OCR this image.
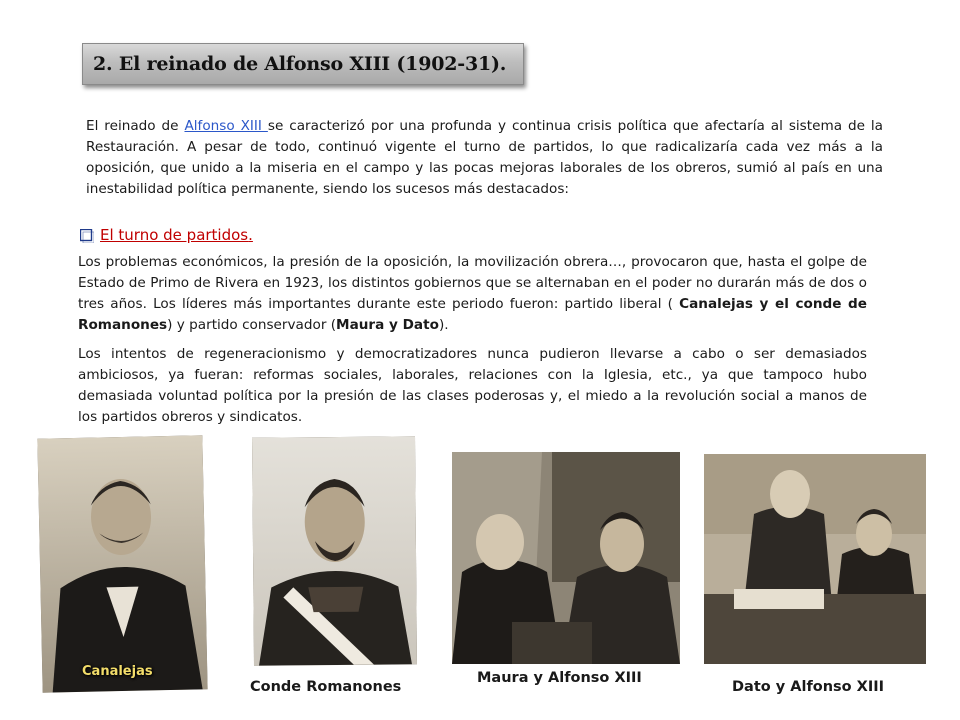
2. El reinado de Alfonso XIII (1902-31).

El reinado de Alfonso XIII se caracterizó por una profunda y continua crisis política que afectaría al sistema de la Restauración. A pesar de todo, continuó vigente el turno de partidos, lo que radicalizaría cada vez más a la oposición, que unido a la miseria en el campo y las pocas mejoras laborales de los obreros, sumió al país en una inestabilidad política permanente, siendo los sucesos más destacados:

El turno de partidos.

Los problemas económicos, la presión de la oposición, la movilización obrera…, provocaron que, hasta el golpe de Estado de Primo de Rivera en 1923, los distintos gobiernos que se alternaban en el poder no durarán más de dos o tres años. Los líderes más importantes durante este periodo fueron: partido liberal ( Canalejas y el conde de Romanones) y partido conservador (Maura y Dato).

Los intentos de regeneracionismo y democratizadores nunca pudieron llevarse a cabo o ser demasiados ambiciosos, ya fueran: reformas sociales, laborales, relaciones con la Iglesia, etc., ya que tampoco hubo demasiada voluntad política por la presión de las clases poderosas y, el miedo a la revolución social a manos de los partidos obreros y sindicatos.

Canalejas
Conde Romanones
Maura y Alfonso XIII
Dato y Alfonso XIII
